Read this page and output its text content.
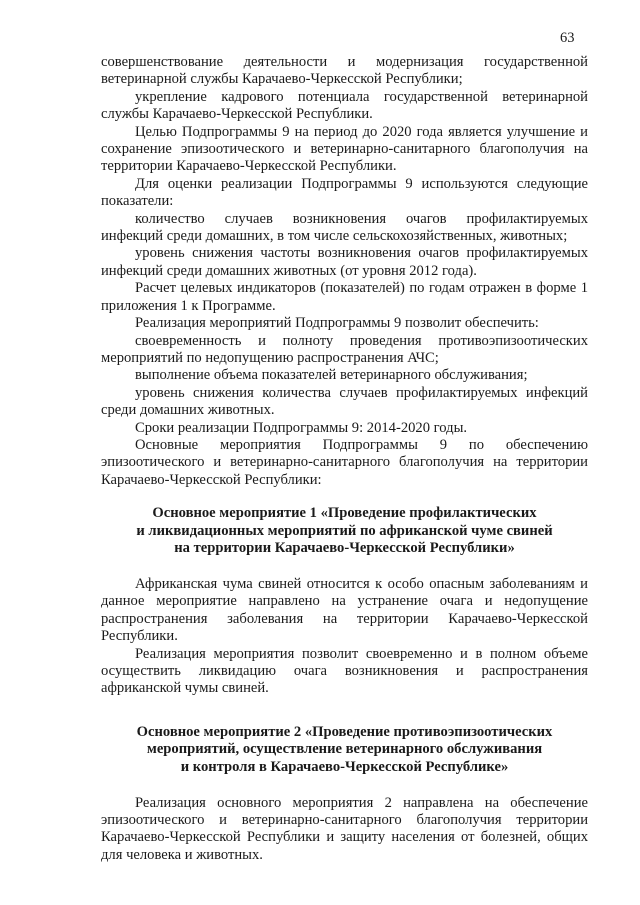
63

совершенствование деятельности и модернизация государственной ветеринарной службы Карачаево-Черкесской Республики;

укрепление кадрового потенциала государственной ветеринарной службы Карачаево-Черкесской Республики.

Целью Подпрограммы 9 на период до 2020 года является улучшение и сохранение эпизоотического и ветеринарно-санитарного благополучия на территории Карачаево-Черкесской Республики.

Для оценки реализации Подпрограммы 9 используются следующие показатели:

количество случаев возникновения очагов профилактируемых инфекций среди домашних, в том числе сельскохозяйственных, животных;

уровень снижения частоты возникновения очагов профилактируемых инфекций среди домашних животных (от уровня 2012 года).

Расчет целевых индикаторов (показателей) по годам отражен в форме 1 приложения 1 к Программе.

Реализация мероприятий Подпрограммы 9 позволит обеспечить:

своевременность и полноту проведения противоэпизоотических мероприятий по недопущению распространения АЧС;

выполнение объема показателей ветеринарного обслуживания;

уровень снижения количества случаев профилактируемых инфекций среди домашних животных.

Сроки реализации Подпрограммы 9: 2014-2020 годы.

Основные мероприятия Подпрограммы 9 по обеспечению эпизоотического и ветеринарно-санитарного благополучия на территории Карачаево-Черкесской Республики:

Основное мероприятие 1 «Проведение профилактических
и ликвидационных мероприятий по африканской чуме свиней
на территории Карачаево-Черкесской Республики»

Африканская чума свиней относится к особо опасным заболеваниям и данное мероприятие направлено на устранение очага и недопущение распространения заболевания на территории Карачаево-Черкесской Республики.

Реализация мероприятия позволит своевременно и в полном объеме осуществить ликвидацию очага возникновения и распространения африканской чумы свиней.

Основное мероприятие 2 «Проведение противоэпизоотических
мероприятий, осуществление ветеринарного обслуживания
и контроля в Карачаево-Черкесской Республике»

Реализация основного мероприятия 2 направлена на обеспечение эпизоотического и ветеринарно-санитарного благополучия территории Карачаево-Черкесской Республики и защиту населения от болезней, общих для человека и животных.
